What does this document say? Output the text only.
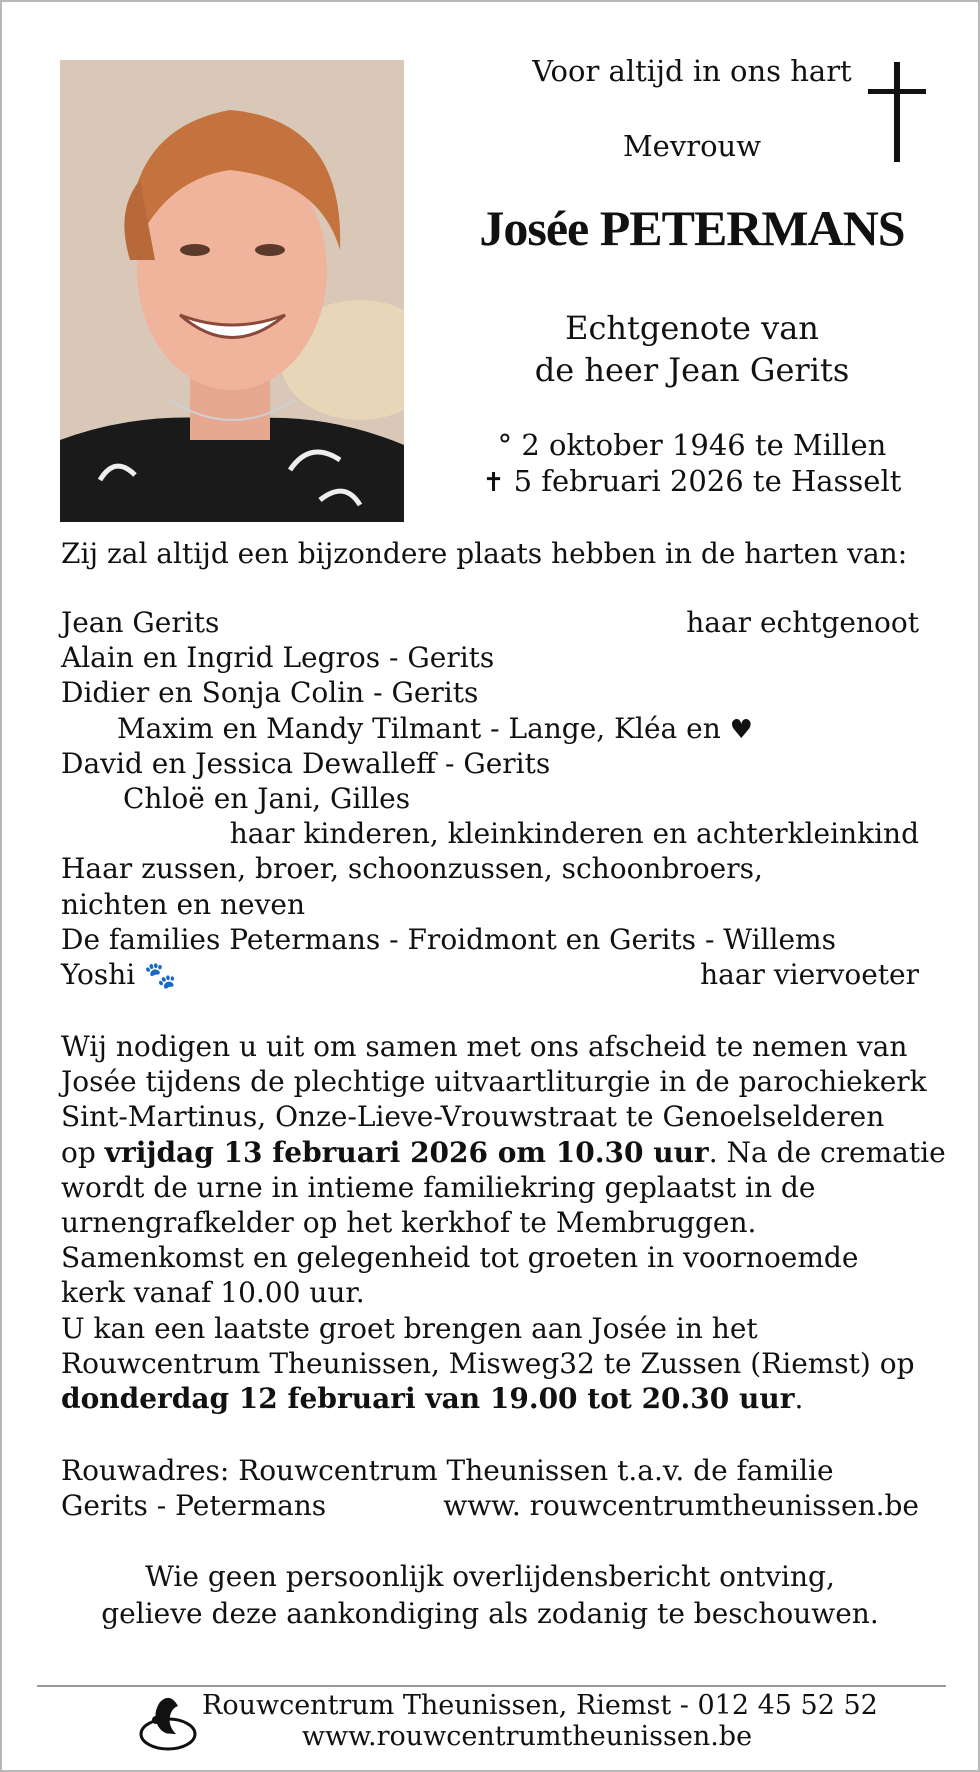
Voor altijd in ons hart
Mevrouw
Josée PETERMANS
Echtgenote van
de heer Jean Gerits
° 2 oktober 1946 te Millen
✝ 5 februari 2026 te Hasselt
Zij zal altijd een bijzondere plaats hebben in de harten van:
Jean Gerits	haar echtgenoot
Alain en Ingrid Legros - Gerits
Didier en Sonja Colin - Gerits
Maxim en Mandy Tilmant - Lange, Kléa en ♥
David en Jessica Dewalleff - Gerits
Chloë en Jani, Gilles
haar kinderen, kleinkinderen en achterkleinkind
Haar zussen, broer, schoonzussen, schoonbroers,
nichten en neven
De families Petermans - Froidmont en Gerits - Willems
Yoshi 🐾	haar viervoeter
Wij nodigen u uit om samen met ons afscheid te nemen van
Josée tijdens de plechtige uitvaartliturgie in de parochiekerk
Sint-Martinus, Onze-Lieve-Vrouwstraat te Genoelselderen
op vrijdag 13 februari 2026 om 10.30 uur. Na de crematie
wordt de urne in intieme familiekring geplaatst in de
urnengrafkelder op het kerkhof te Membruggen.
Samenkomst en gelegenheid tot groeten in voornoemde
kerk vanaf 10.00 uur.
U kan een laatste groet brengen aan Josée in het
Rouwcentrum Theunissen, Misweg32 te Zussen (Riemst) op
donderdag 12 februari van 19.00 tot 20.30 uur.
Rouwadres: Rouwcentrum Theunissen t.a.v. de familie
Gerits - Petermans	www. rouwcentrumtheunissen.be
Wie geen persoonlijk overlijdensbericht ontving,
gelieve deze aankondiging als zodanig te beschouwen.
Rouwcentrum Theunissen, Riemst - 012 45 52 52
www.rouwcentrumtheunissen.be
